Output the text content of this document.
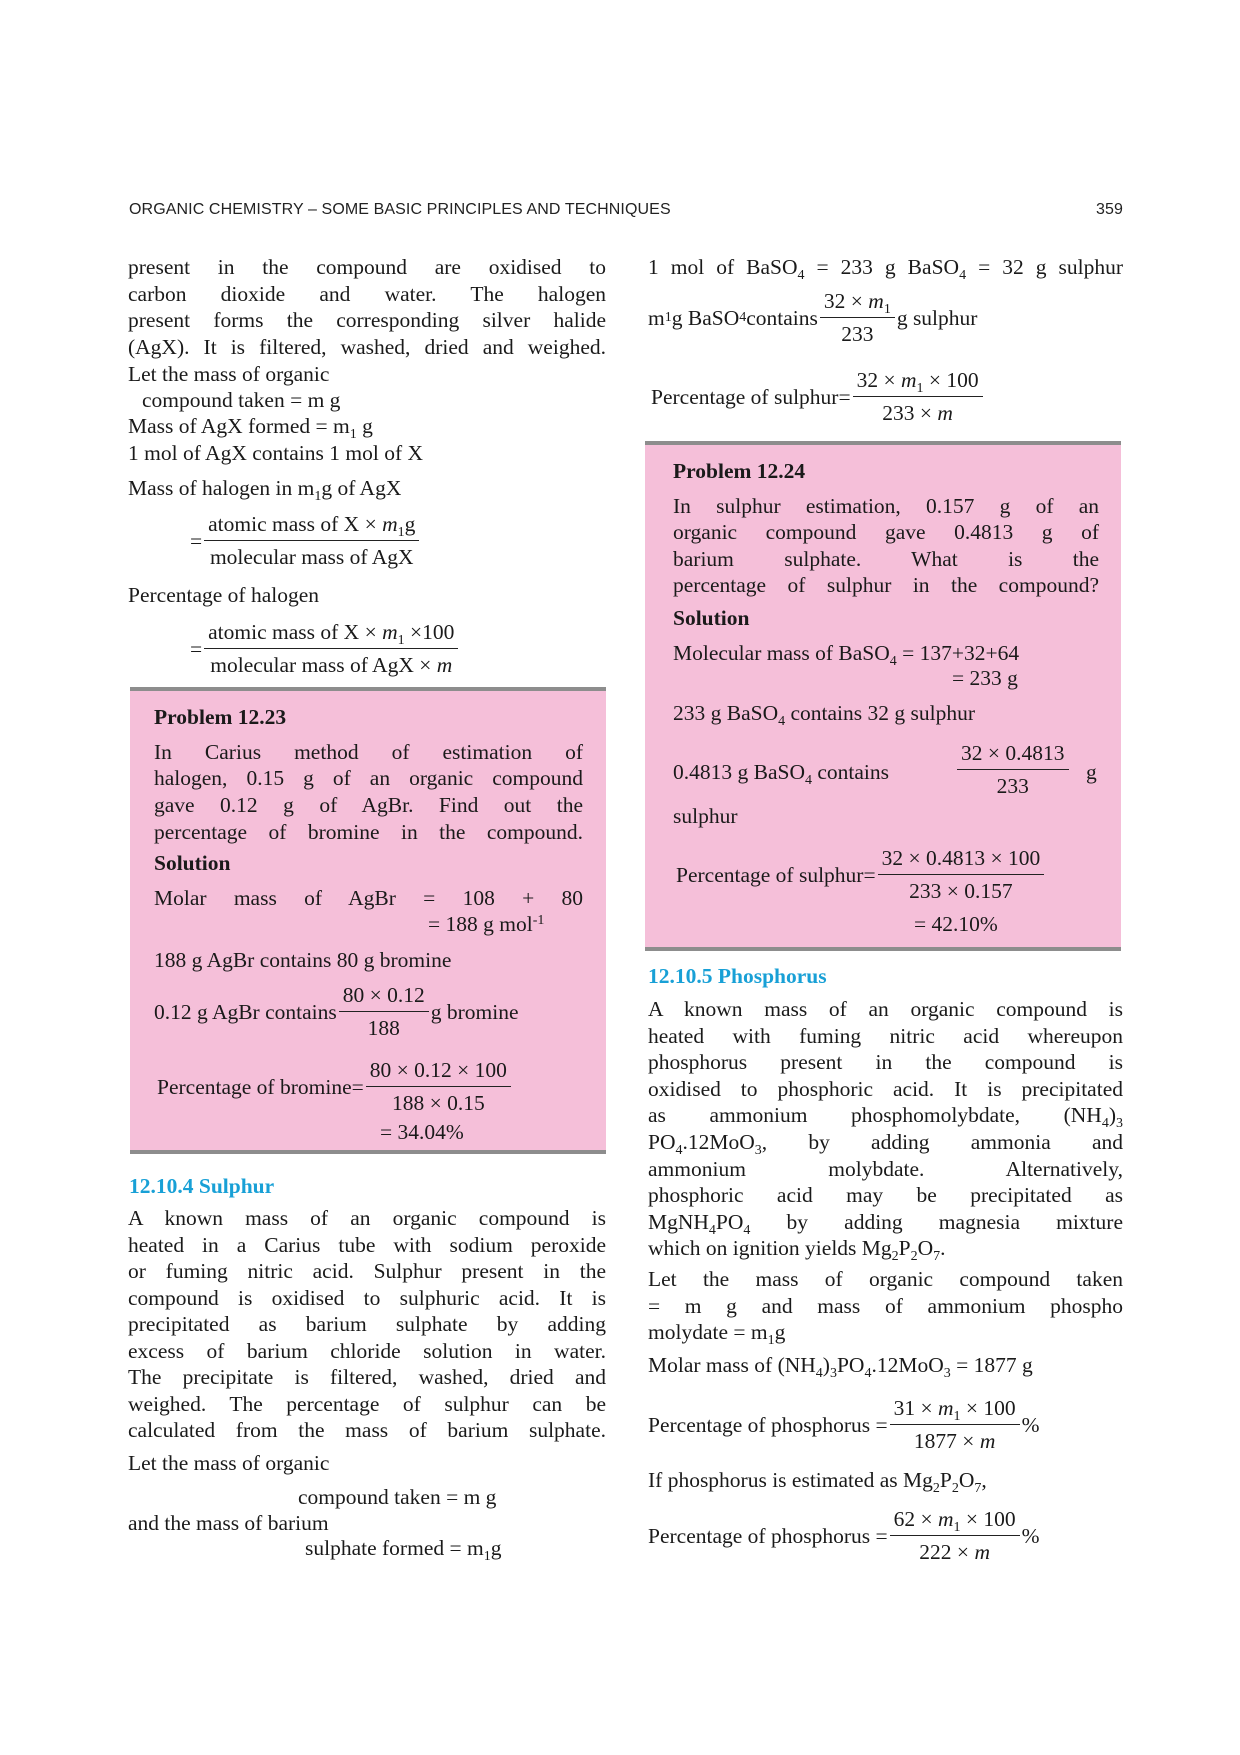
ORGANIC CHEMISTRY – SOME BASIC PRINCIPLES AND TECHNIQUES	359
present in the compound are oxidised to
carbon dioxide and water. The halogen
present forms the corresponding silver halide
(AgX). It is filtered, washed, dried and weighed.
Let the mass of organic
compound taken = m g
Mass of AgX formed = $m_1$ g
1 mol of AgX contains 1 mol of X
Mass of halogen in $m_1g$ of AgX
= $\frac{atomic mass of X \times m_1g}{\text{molecular mass of AgX}}$
Percentage of halogen
= $\frac{atomic mass of X \times m_1 \times 100}{\text{molecular mass of AgX × m}}$
Problem 12.23
In Carius method of estimation of
halogen, 0.15 g of an organic compound
gave 0.12 g of AgBr. Find out the
percentage of bromine in the compound.
Solution
Molar mass of AgBr = 108 + 80
= 188 g mol$^{-1}$
188 g AgBr contains 80 g bromine
0.12 g AgBr contains $\frac{80 \times 0.12}{188}$ g bromine
Percentage of $bromine= \frac{80 \times 0.12 \times 100}{188 \times 0.15}$
= 34.04%
12.10.4 Sulphur
A known mass of an organic compound is
heated in a Carius tube with sodium peroxide
or fuming nitric acid. Sulphur present in the
compound is oxidised to sulphuric acid. It is
precipitated as barium sulphate by adding
excess of barium chloride solution in water.
The precipitate is filtered, washed, dried and
weighed. The percentage of sulphur can be
calculated from the mass of barium sulphate.
Let the mass of organic
compound taken = m g
and the mass of barium
sulphate formed = $m_1g$
1 mol of BaSO$_4$ = 233 g BaSO$_4$ = 32 g sulphur
m 1 g BaSO 4 contains $\frac{32 \times m_1}{233}$ g sulphur
Percentage of sulphur= $\frac{32 \times m_1 \times 100}{233 \times m}$
Problem 12.24
In sulphur estimation, 0.157 g of an
organic compound gave 0.4813 g of
barium sulphate. What is the
percentage of sulphur in the compound?
Solution
Molecular mass of BaSO$_4$ = 137+32+64
= 233 g
233 g BaSO$_4$ contains 32 g sulphur
0.4813 g BaSO$_4$ contains	$\frac{32 \times 0.4813}{233}$ g
sulphur
Percentage of sulphur= $\frac{32 \times 0.4813 \times 100}{233 \times 0.157}$
= 42.10%
12.10.5 Phosphorus
A known mass of an organic compound is
heated with fuming nitric acid whereupon
phosphorus present in the compound is
oxidised to phosphoric acid. It is precipitated
as ammonium phosphomolybdate, $(NH_4)_3$
$PO_4.12MoO_3$, by adding ammonia and
ammonium molybdate. Alternatively,
phosphoric acid may be precipitated as
$MgNH_4PO_4$ by adding magnesia mixture
which on ignition yields $Mg_2P_2O_7$.
Let the mass of organic compound taken
= m g and mass of ammonium phospho
molydate = $m_1g$
Molar mass of $(NH_4)_3PO_4.12MoO_3 = 1877$ g
Percentage of phosphorus = $\frac{31 \times m_1 \times 100}{1877 \times m}$ %
If phosphorus is estimated as $Mg_2P_2O_7$,
Percentage of phosphorus = $\frac{62 \times m_1 \times 100}{222 \times m}$ %
